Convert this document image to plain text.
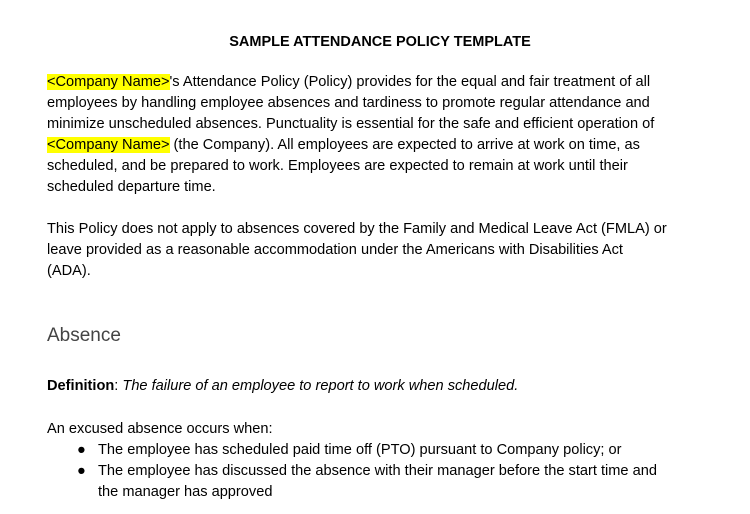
SAMPLE ATTENDANCE POLICY TEMPLATE

<Company Name>'s Attendance Policy (Policy) provides for the equal and fair treatment of all
employees by handling employee absences and tardiness to promote regular attendance and
minimize unscheduled absences. Punctuality is essential for the safe and efficient operation of
<Company Name> (the Company). All employees are expected to arrive at work on time, as
scheduled, and be prepared to work. Employees are expected to remain at work until their
scheduled departure time.

This Policy does not apply to absences covered by the Family and Medical Leave Act (FMLA) or
leave provided as a reasonable accommodation under the Americans with Disabilities Act
(ADA).

Absence
Definition: The failure of an employee to report to work when scheduled.
An excused absence occurs when:
● The employee has scheduled paid time off (PTO) pursuant to Company policy; or
● The employee has discussed the absence with their manager before the start time and
the manager has approved
